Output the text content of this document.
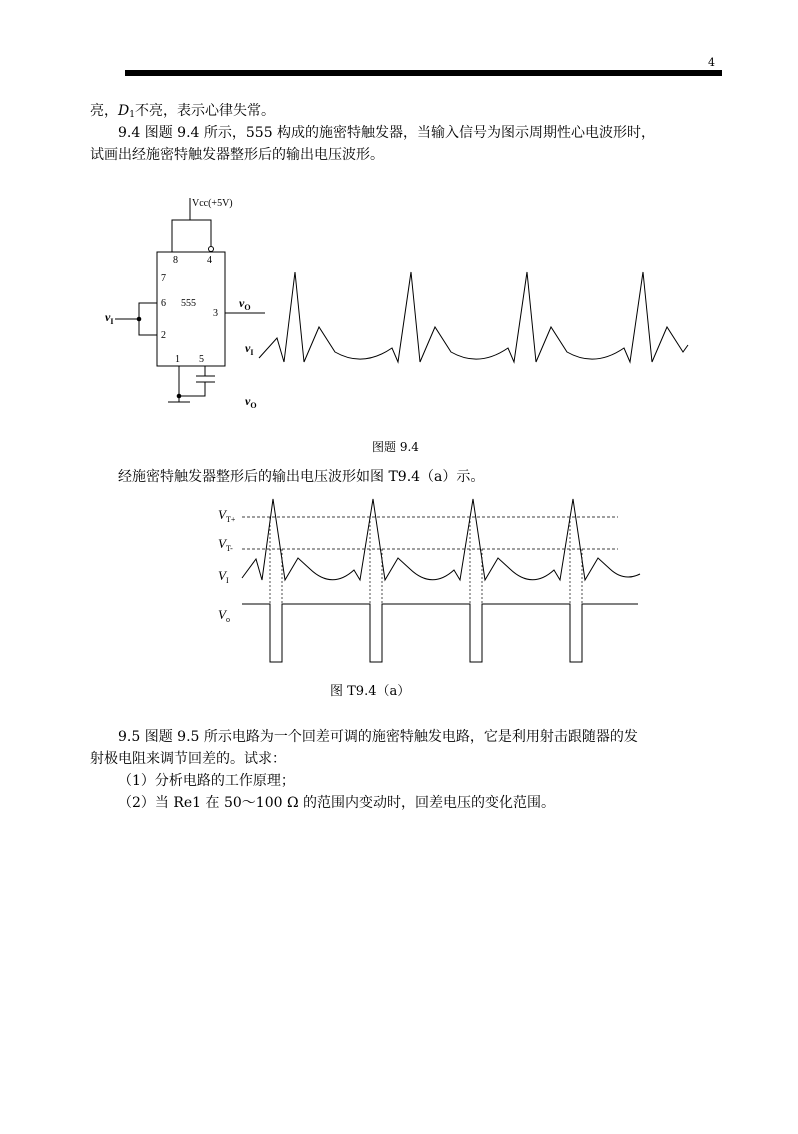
4
亮，$D_1$不亮，表示心律失常。
9.4 图题 9.4 所示，555 构成的施密特触发器，当输入信号为图示周期性心电波形时，
试画出经施密特触发器整形后的输出电压波形。
Vcc(+5V)
8	4
7
6 555
3
2
1 5
$v_I$
$v_O$
$v_I$
$v_O$
图题 9.4
经施密特触发器整形后的输出电压波形如图 T9.4（a）示。
$V_{T+}$
$V_{T-}$
$V_I$
$V_o$
图 T9.4（a）
9.5 图题 9.5 所示电路为一个回差可调的施密特触发电路，它是利用射击跟随器的发
射极电阻来调节回差的。试求：
（1）分析电路的工作原理；
（2）当 Re1 在 50～100 Ω 的范围内变动时，回差电压的变化范围。
